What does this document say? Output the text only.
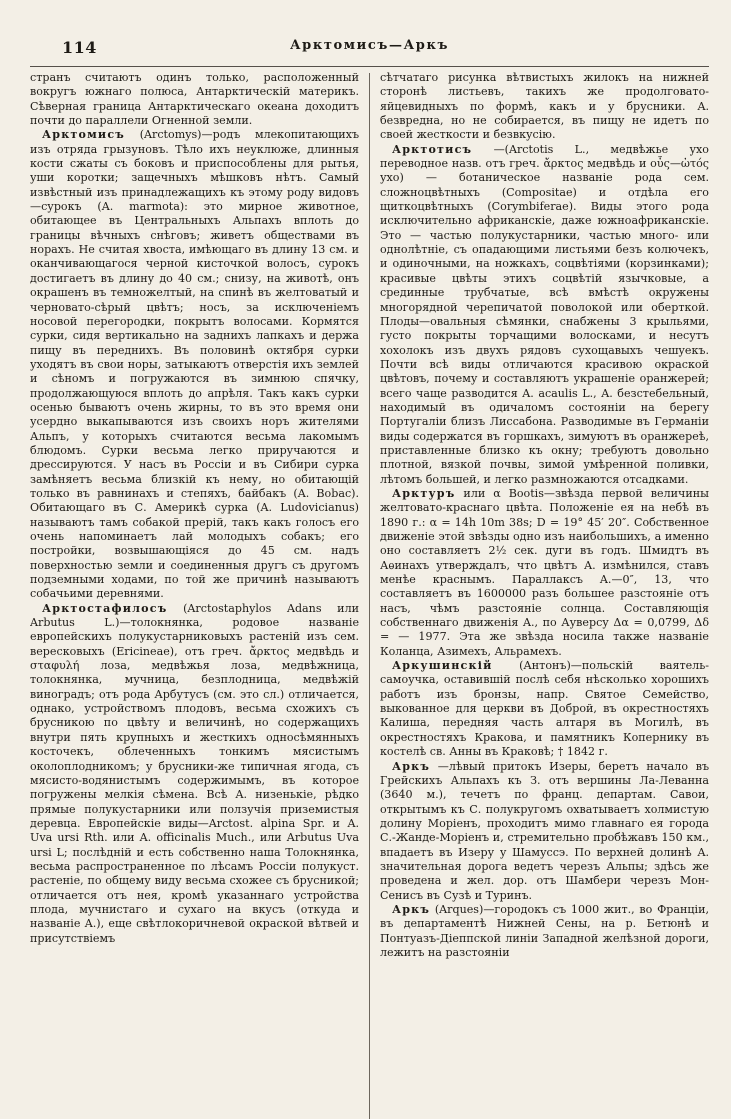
114	Арктомисъ—Аркъ

странъ считаютъ одинъ только, расположенный вокругъ южнаго полюса, Антарктическій материкъ. Сѣверная граница Антарктическаго океана доходитъ почти до параллели Огненной земли.

Арктомисъ (Arctomys)—родъ млекопитающихъ изъ отряда грызуновъ. Тѣло ихъ неуклюже, длинныя кости сжаты съ боковъ и приспособлены для рытья, уши коротки; защечныхъ мѣшковъ нѣтъ. Самый извѣстный изъ принадлежащихъ къ этому роду видовъ—сурокъ (A. marmota): это мирное животное, обитающее въ Центральныхъ Альпахъ вплоть до границы вѣчныхъ снѣговъ; живетъ обществами въ норахъ. Не считая хвоста, имѣющаго въ длину 13 см. и оканчивающагося черной кисточкой волосъ, сурокъ достигаетъ въ длину до 40 см.; снизу, на животѣ, онъ окрашенъ въ темножелтый, на спинѣ въ желтоватый и черновато-сѣрый цвѣтъ; носъ, за исключеніемъ носовой перегородки, покрытъ волосами. Кормятся сурки, сидя вертикально на заднихъ лапкахъ и держа пищу въ переднихъ. Въ половинѣ октября сурки уходятъ въ свои норы, затыкаютъ отверстія ихъ землей и сѣномъ и погружаются въ зимнюю спячку, продолжающуюся вплоть до апрѣля. Такъ какъ сурки осенью бываютъ очень жирны, то въ это время они усердно выкапываются изъ своихъ норъ жителями Альпъ, у которыхъ считаются весьма лакомымъ блюдомъ. Сурки весьма легко приручаются и дрессируются. У насъ въ Россіи и въ Сибири сурка замѣняетъ весьма близкій къ нему, но обитающій только въ равнинахъ и степяхъ, байбакъ (A. Bobac). Обитающаго въ С. Америкѣ сурка (A. Ludovicianus) называютъ тамъ собакой прерій, такъ какъ голосъ его очень напоминаетъ лай молодыхъ собакъ; его постройки, возвышающіяся до 45 см. надъ поверхностью земли и соединенныя другъ съ другомъ подземными ходами, по той же причинѣ называютъ собачьими деревнями.

Арктостафилосъ (Arctostaphylos Adans или Arbutus L.)—толокнянка, родовое названіе европейскихъ полукустарниковыхъ растеній изъ сем. вересковыхъ (Ericineae), отъ греч. ἄρκτος медвѣдь и σταφυλή лоза, медвѣжья лоза, медвѣжница, толокнянка, мучница, безплодница, медвѣжій виноградъ; отъ рода Арбутусъ (см. это сл.) отличается, однако, устройствомъ плодовъ, весьма схожихъ съ брусникою по цвѣту и величинѣ, но содержащихъ внутри пять крупныхъ и жесткихъ односѣмянныхъ косточекъ, облеченныхъ тонкимъ мясистымъ околоплодникомъ; у брусники-же типичная ягода, съ мясисто-водянистымъ содержимымъ, въ которое погружены мелкія сѣмена. Всѣ A. низенькіе, рѣдко прямые полукустарники или ползучія приземистыя деревца. Европейскіе виды—Arctost. alpina Spr. и A. Uva ursi Rth. или A. officinalis Much., или Arbutus Uva ursi L; послѣдній и есть собственно наша Толокнянка, весьма распространенное по лѣсамъ Россіи полукуст. растеніе, по общему виду весьма схожее съ брусникой; отличается отъ нея, кромѣ указаннаго устройства плода, мучнистаго и сухаго на вкусъ (откуда и названіе A.), еще свѣтлокоричневой окраской вѣтвей и присутствіемъ

сѣтчатаго рисунка вѣтвистыхъ жилокъ на нижней сторонѣ листьевъ, такихъ же продолговато-яйцевидныхъ по формѣ, какъ и у брусники. A. безвредна, но не собирается, въ пищу не идетъ по своей жесткости и безвкусію.

Арктотисъ —(Arctotis L., медвѣжье ухо переводное назв. отъ греч. ἄρκτος медвѣдь и οὖς—ὠτός ухо) — ботаническое названіе рода сем. сложноцвѣтныхъ (Compositae) и отдѣла его щиткоцвѣтныхъ (Corymbiferae). Виды этого рода исключительно африканскіе, даже южноафриканскіе. Это — частью полукустарники, частью много- или однолѣтніе, съ опадающими листьями безъ колючекъ, и одиночными, на ножкахъ, соцвѣтіями (корзинками); красивые цвѣты этихъ соцвѣтій язычковые, а срединные трубчатые, всѣ вмѣстѣ окружены многорядной черепичатой поволокой или оберткой. Плоды—овальныя сѣмянки, снабжены 3 крыльями, густо покрыты торчащими волосками, и несутъ хохолокъ изъ двухъ рядовъ сухощавыхъ чешуекъ. Почти всѣ виды отличаются красивою окраской цвѣтовъ, почему и составляютъ украшеніе оранжерей; всего чаще разводится A. acaulis L., A. безстебельный, находимый въ одичаломъ состояніи на берегу Португаліи близъ Лиссабона. Разводимые въ Германіи виды содержатся въ горшкахъ, зимуютъ въ оранжереѣ, приставленные близко къ окну; требуютъ довольно плотной, вязкой почвы, зимой умѣренной поливки, лѣтомъ большей, и легко размножаются отсадками.

Арктуръ или α Bootis—звѣзда первой величины желтовато-краснаго цвѣта. Положеніе ея на небѣ въ 1890 г.: α = 14h 10m 38s; D = 19° 45′ 20″. Собственное движеніе этой звѣзды одно изъ наибольшихъ, а именно оно составляетъ 2½ сек. дуги въ годъ. Шмидтъ въ Аѳинахъ утверждалъ, что цвѣтъ A. измѣнился, ставъ менѣе краснымъ. Параллаксъ A.—0″, 13, что составляетъ въ 1600000 разъ большее разстояніе отъ насъ, чѣмъ разстояніе солнца. Составляющія собственнаго движенія A., по Ауверсу Δα = 0,0799, Δδ = — 1977. Эта же звѣзда носила также названіе Коланца, Азимехъ, Альрамехъ.

Аркушинскій (Антонъ)—польскій ваятель-самоучка, оставившій послѣ себя нѣсколько хорошихъ работъ изъ бронзы, напр. Святое Семейство, выкованное для церкви въ Доброй, въ окрестностяхъ Калиша, передняя часть алтаря въ Могилѣ, въ окрестностяхъ Кракова, и памятникъ Копернику въ костелѣ св. Анны въ Краковѣ; † 1842 г.

Аркъ —лѣвый притокъ Изеры, беретъ начало въ Грейскихъ Альпахъ къ З. отъ вершины Ла-Леванна (3640 м.), течетъ по франц. департам. Савои, открытымъ къ С. полукругомъ охватываетъ холмистую долину Моріенъ, проходитъ мимо главнаго ея города С.-Жанде-Моріенъ и, стремительно пробѣжавъ 150 км., впадаетъ въ Изеру у Шамуссэ. По верхней долинѣ A. значительная дорога ведетъ черезъ Альпы; здѣсь же проведена и жел. дор. отъ Шамбери черезъ Мон-Сенисъ въ Сузѣ и Туринъ.

Аркъ (Arques)—городокъ съ 1000 жит., во Франціи, въ департаментѣ Нижней Сены, на р. Бетюнѣ и Понтуазъ-Діеппской линіи Западной желѣзной дороги, лежитъ на разстояніи
